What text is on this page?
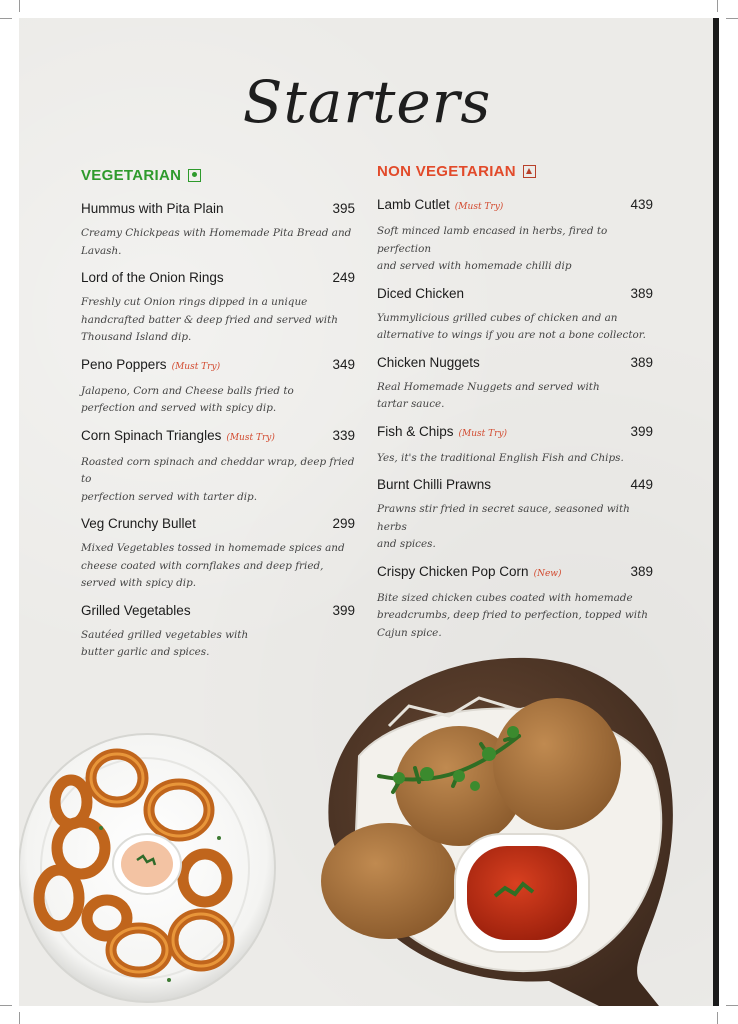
Starters
VEGETARIAN
Hummus with Pita Plain	395
Creamy Chickpeas with Homemade Pita Bread and
Lavash.
Lord of the Onion Rings	249
Freshly cut Onion rings dipped in a unique
handcrafted batter & deep fried and served with
Thousand Island dip.
Peno Poppers (Must Try)	349
Jalapeno, Corn and Cheese balls fried to
perfection and served with spicy dip.
Corn Spinach Triangles (Must Try)	339
Roasted corn spinach and cheddar wrap, deep fried to
perfection served with tarter dip.
Veg Crunchy Bullet	299
Mixed Vegetables tossed in homemade spices and
cheese coated with cornflakes and deep fried,
served with spicy dip.
Grilled Vegetables	399
Sautéed grilled vegetables with
butter garlic and spices.
NON VEGETARIAN
Lamb Cutlet (Must Try)	439
Soft minced lamb encased in herbs, fired to perfection
and served with homemade chilli dip
Diced Chicken	389
Yummylicious grilled cubes of chicken and an
alternative to wings if you are not a bone collector.
Chicken Nuggets	389
Real Homemade Nuggets and served with
tartar sauce.
Fish & Chips (Must Try)	399
Yes, it's the traditional English Fish and Chips.
Burnt Chilli Prawns	449
Prawns stir fried in secret sauce, seasoned with herbs
and spices.
Crispy Chicken Pop Corn (New)	389
Bite sized chicken cubes coated with homemade
breadcrumbs, deep fried to perfection, topped with
Cajun spice.
